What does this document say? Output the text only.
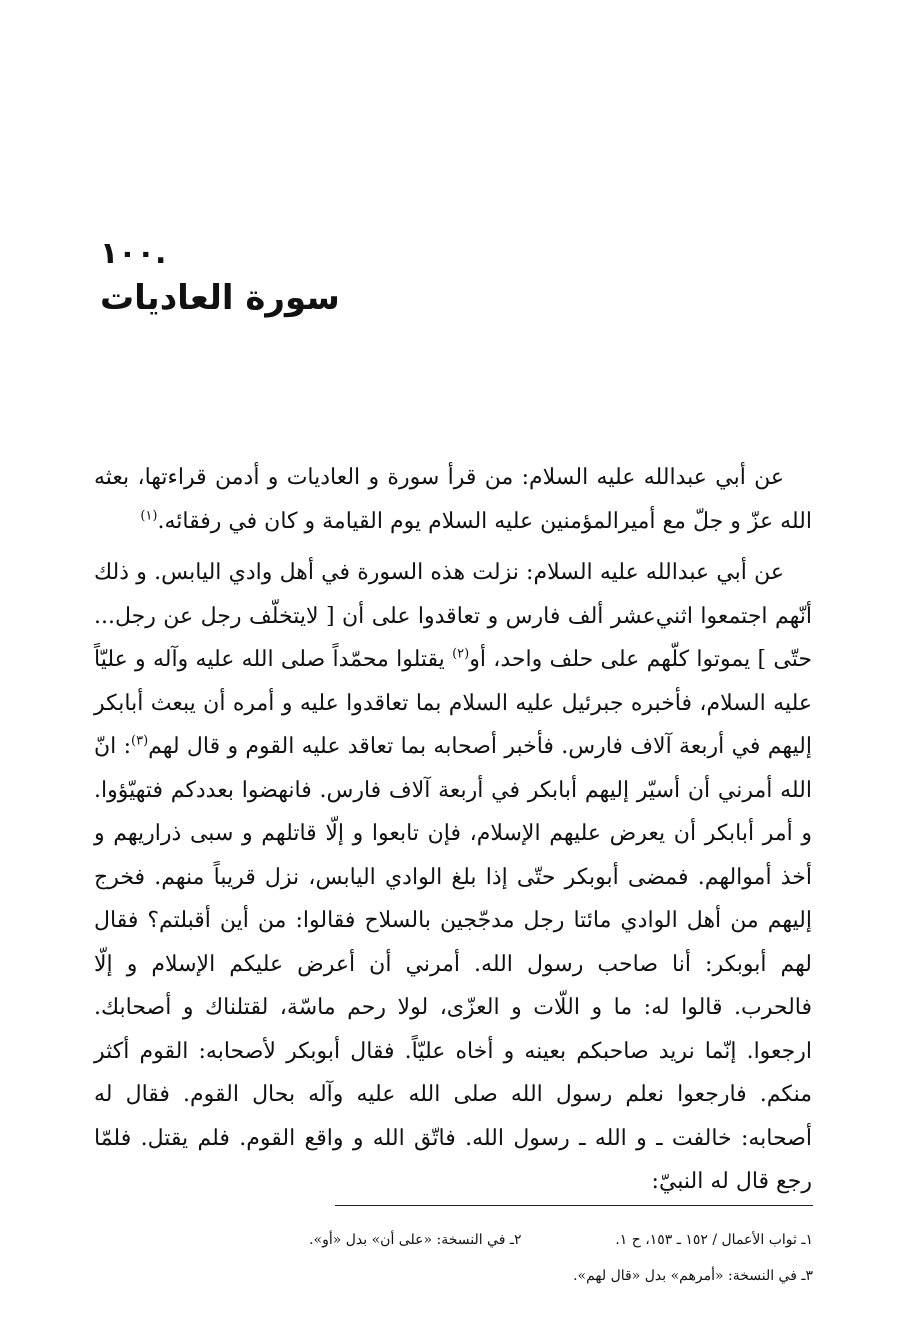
١٠٠.
سورة العاديات

عن أبي عبدالله عليه السلام: من قرأ سورة و العاديات و أدمن قراءتها، بعثه الله عزّ و جلّ مع أميرالمؤمنين عليه السلام يوم القيامة و كان في رفقائه.$^{(١)}$

عن أبي عبدالله عليه السلام: نزلت هذه السورة في أهل وادي اليابس. و ذلك أنّهم اجتمعوا اثني‌عشر ألف فارس و تعاقدوا على أن [ لايتخلّف رجل عن رجل... حتّى ] يموتوا كلّهم على حلف واحد، أو$^{(٢)}$ يقتلوا محمّداً صلى الله عليه وآله و عليّاً عليه السلام، فأخبره جبرئيل عليه السلام بما تعاقدوا عليه و أمره أن يبعث أبابكر إليهم في أربعة آلاف فارس. فأخبر أصحابه بما تعاقد عليه القوم و قال لهم$^{(٣)}$: انّ الله أمرني أن أسيّر إليهم أبابكر في أربعة آلاف فارس. فانهضوا بعددكم فتهيّؤوا. و أمر أبابكر أن يعرض عليهم الإسلام، فإن تابعوا و إلّا قاتلهم و سبى ذراريهم و أخذ أموالهم. فمضى أبوبكر حتّى إذا بلغ الوادي اليابس، نزل قريباً منهم. فخرج إليهم من أهل الوادي مائتا رجل مدجّجين بالسلاح فقالوا: من أين أقبلتم؟ فقال لهم أبوبكر: أنا صاحب رسول الله. أمرني أن أعرض عليكم الإسلام و إلّا فالحرب. قالوا له: ما و اللّات و العزّى، لولا رحم ماسّة، لقتلناك و أصحابك. ارجعوا. إنّما نريد صاحبكم بعينه و أخاه عليّاً. فقال أبوبكر لأصحابه: القوم أكثر منكم. فارجعوا نعلم رسول الله صلى الله عليه وآله بحال القوم. فقال له أصحابه: خالفت ـ و الله ـ رسول الله. فاتّق الله و واقع القوم. فلم يقتل. فلمّا رجع قال له النبيّ:

١ـ ثواب الأعمال / ١٥٢ ـ ١٥٣، ح ١.
٢ـ في النسخة: «على أن» بدل «أو».
٣ـ في النسخة: «أمرهم» بدل «قال لهم».
